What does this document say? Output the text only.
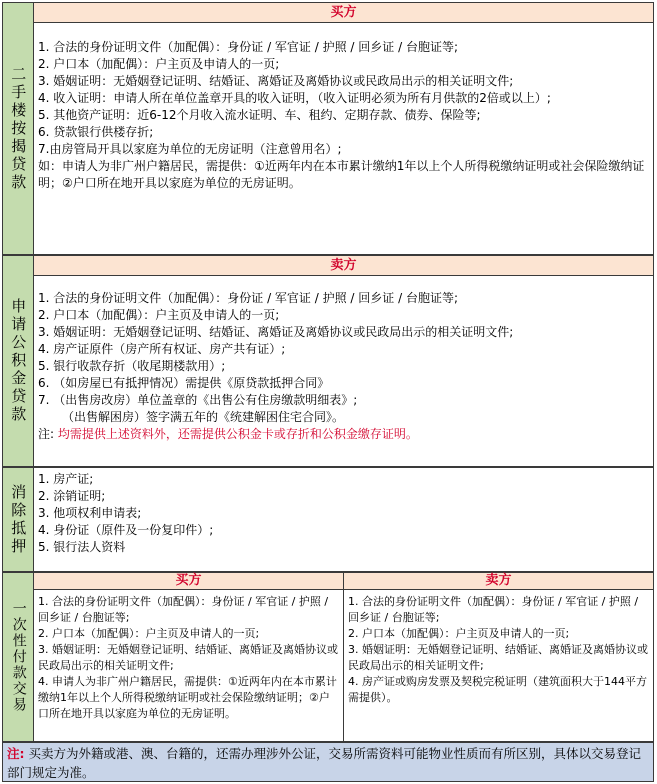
二手楼按揭贷款
买方
1. 合法的身份证明文件（加配偶）：身份证 / 军官证 / 护照 / 回乡证 / 台胞证等;
2. 户口本（加配偶）：户主页及申请人的一页;
3. 婚姻证明：无婚姻登记证明、结婚证、离婚证及离婚协议或民政局出示的相关证明文件;
4. 收入证明：申请人所在单位盖章开具的收入证明，（收入证明必须为所有月供款的2倍或以上）;
5. 其他资产证明：近6-12个月收入流水证明、车、租约、定期存款、债券、保险等;
6. 贷款银行供楼存折;
7.由房管局开具以家庭为单位的无房证明（注意曾用名）;
如：申请人为非广州户籍居民，需提供：①近两年内在本市累计缴纳1年以上个人所得税缴纳证明或社会保险缴纳证明；②户口所在地开具以家庭为单位的无房证明。
申请公积金贷款
卖方
1. 合法的身份证明文件（加配偶）：身份证 / 军官证 / 护照 / 回乡证 / 台胞证等;
2. 户口本（加配偶）：户主页及申请人的一页;
3. 婚姻证明：无婚姻登记证明、结婚证、离婚证及离婚协议或民政局出示的相关证明文件;
4. 房产证原件（房产所有权证、房产共有证）;
5. 银行收款存折（收尾期楼款用）;
6. （如房屋已有抵押情况）需提供《原贷款抵押合同》
7. （出售房改房）单位盖章的《出售公有住房缴款明细表》;
（出售解困房）签字满五年的《统建解困住宅合同》。
注: 均需提供上述资料外，还需提供公积金卡或存折和公积金缴存证明。
消除抵押
1. 房产证;
2. 涂销证明;
3. 他项权利申请表;
4. 身份证（原件及一份复印件）;
5. 银行法人资料
一次性付款交易
买方
1. 合法的身份证明文件（加配偶）：身份证 / 军官证 / 护照 / 回乡证 / 台胞证等;
2. 户口本（加配偶）：户主页及申请人的一页;
3. 婚姻证明：无婚姻登记证明、结婚证、离婚证及离婚协议或民政局出示的相关证明文件;
4. 申请人为非广州户籍居民，需提供：①近两年内在本市累计缴纳1年以上个人所得税缴纳证明或社会保险缴纳证明；②户口所在地开具以家庭为单位的无房证明。
卖方
1. 合法的身份证明文件（加配偶）：身份证 / 军官证 / 护照 / 回乡证 / 台胞证等;
2. 户口本（加配偶）：户主页及申请人的一页;
3. 婚姻证明：无婚姻登记证明、结婚证、离婚证及离婚协议或民政局出示的相关证明文件;
4. 房产证或购房发票及契税完税证明（建筑面积大于144平方需提供）。
注: 买卖方为外籍或港、澳、台籍的，还需办理涉外公证，交易所需资料可能物业性质而有所区别，具体以交易登记部门规定为准。
